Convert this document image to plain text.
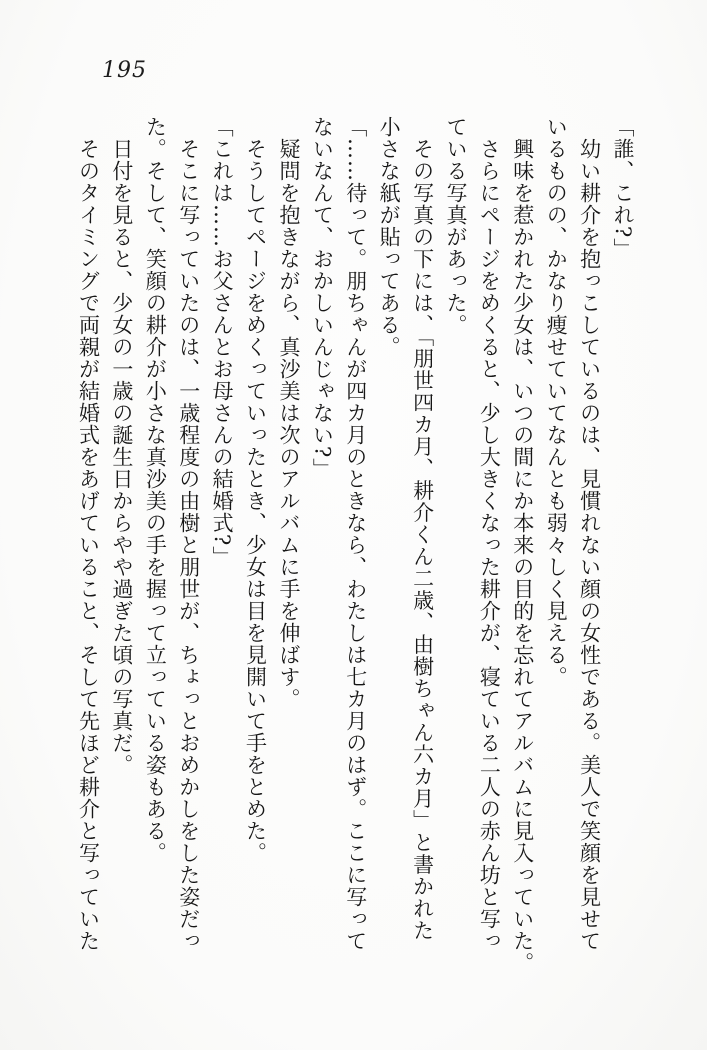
195

「誰、これ?」

　幼い耕介を抱っこしているのは、見慣れない顔の女性である。美人で笑顔を見せて

いるものの、かなり痩せていてなんとも弱々しく見える。

　興味を惹かれた少女は、いつの間にか本来の目的を忘れてアルバムに見入っていた。

　さらにページをめくると、少し大きくなった耕介が、寝ている二人の赤ん坊と写っ

ている写真があった。

　その写真の下には、「朋世四カ月、耕介くん二歳、由樹ちゃん六カ月」と書かれた

小さな紙が貼ってある。

「……待って。朋ちゃんが四カ月のときなら、わたしは七カ月のはず。ここに写って

ないなんて、おかしいんじゃない?」

　疑問を抱きながら、真沙美は次のアルバムに手を伸ばす。

　そうしてページをめくっていったとき、少女は目を見開いて手をとめた。

「これは……お父さんとお母さんの結婚式?」

　そこに写っていたのは、一歳程度の由樹と朋世が、ちょっとおめかしをした姿だっ

た。そして、笑顔の耕介が小さな真沙美の手を握って立っている姿もある。

　日付を見ると、少女の一歳の誕生日からやや過ぎた頃の写真だ。

　そのタイミングで両親が結婚式をあげていること、そして先ほど耕介と写っていた
